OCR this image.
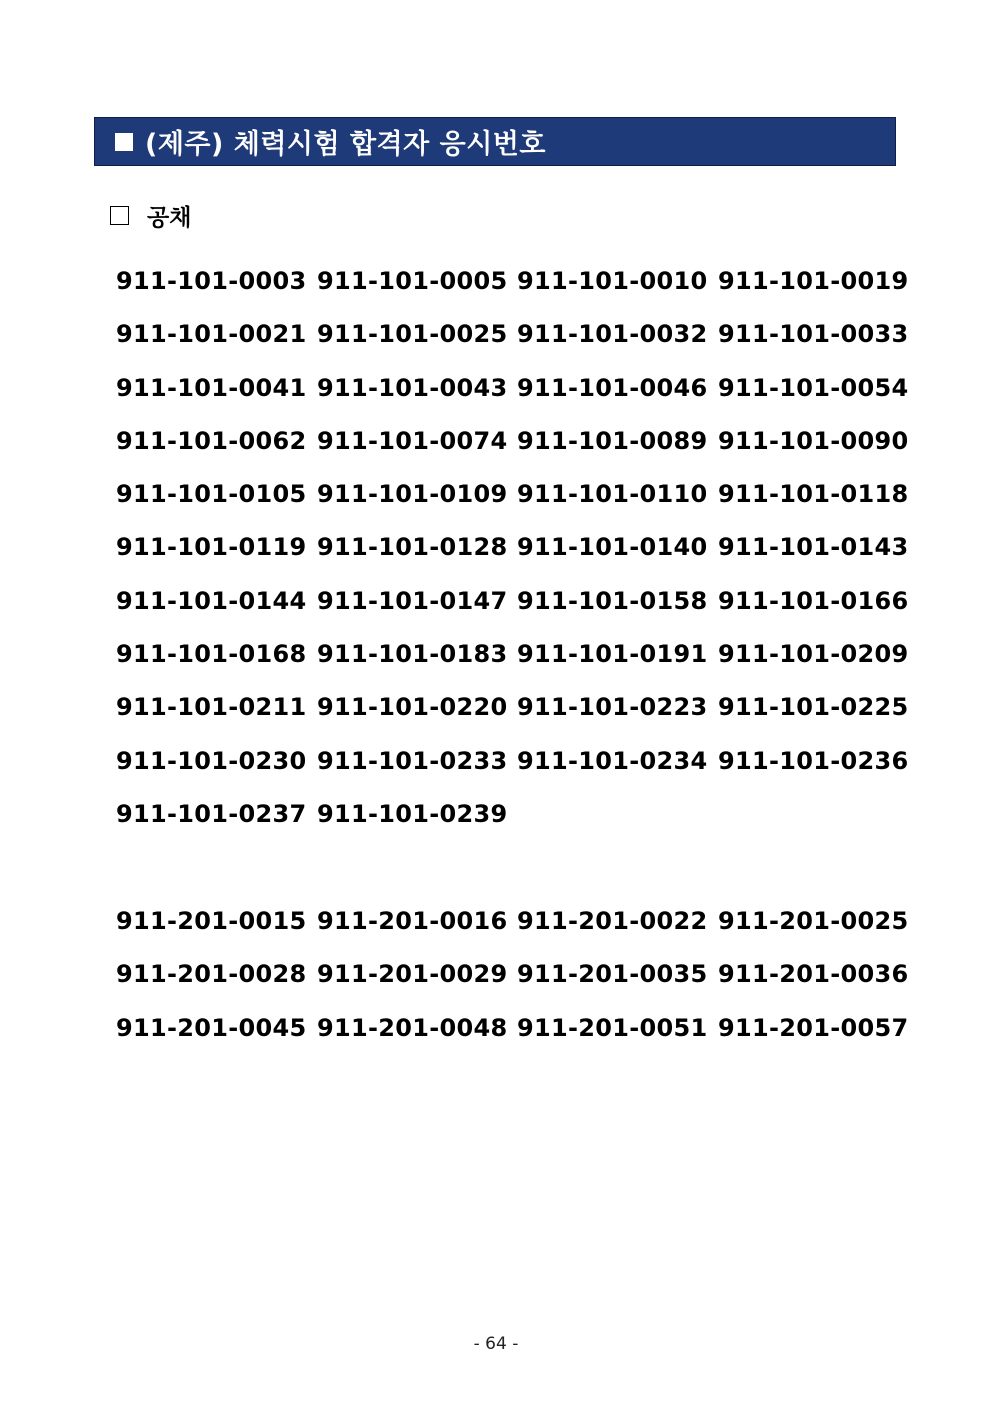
(제주) 체력시험 합격자 응시번호
공채
911-101-0003 911-101-0005 911-101-0010 911-101-0019
911-101-0021 911-101-0025 911-101-0032 911-101-0033
911-101-0041 911-101-0043 911-101-0046 911-101-0054
911-101-0062 911-101-0074 911-101-0089 911-101-0090
911-101-0105 911-101-0109 911-101-0110 911-101-0118
911-101-0119 911-101-0128 911-101-0140 911-101-0143
911-101-0144 911-101-0147 911-101-0158 911-101-0166
911-101-0168 911-101-0183 911-101-0191 911-101-0209
911-101-0211 911-101-0220 911-101-0223 911-101-0225
911-101-0230 911-101-0233 911-101-0234 911-101-0236
911-101-0237 911-101-0239
911-201-0015 911-201-0016 911-201-0022 911-201-0025
911-201-0028 911-201-0029 911-201-0035 911-201-0036
911-201-0045 911-201-0048 911-201-0051 911-201-0057
- 64 -
